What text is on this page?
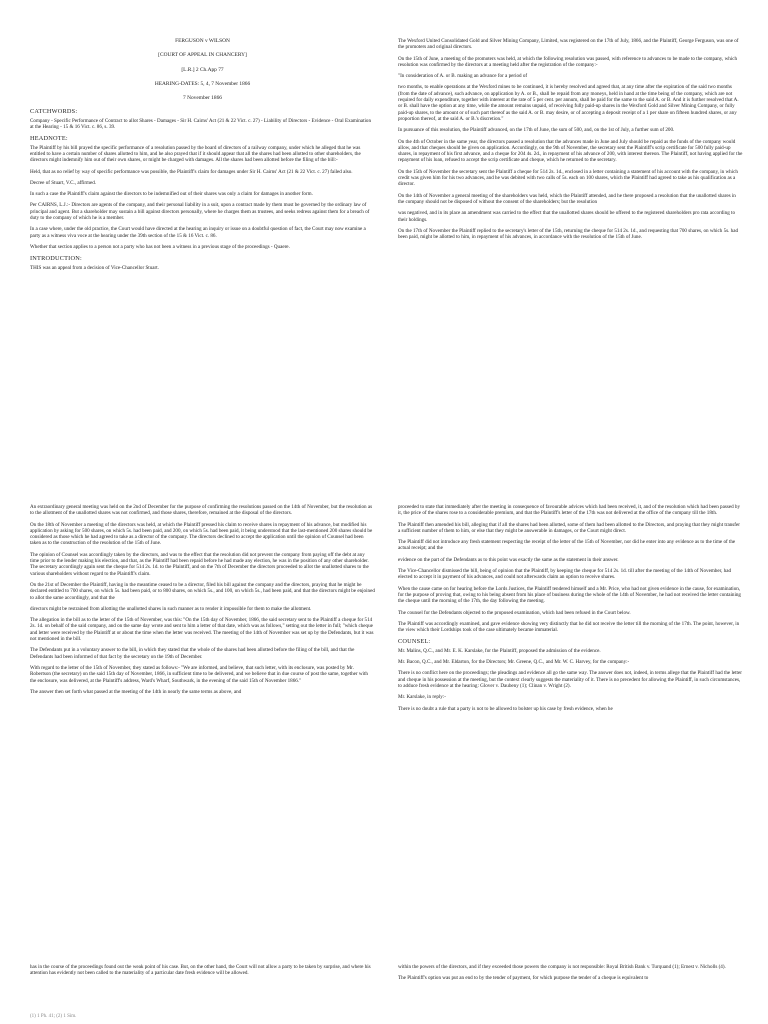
FERGUSON v WILSON
[COURT OF APPEAL IN CHANCERY]
[L.R.] 2 Ch.App 77
HEARING-DATES: 5, 4, 7 November 1866
7 November 1866
CATCHWORDS:

Company - Specific Performance of Contract to allot Shares - Damages - Sir H. Cairns' Act (21 & 22 Vict. c. 27) - Liability of Directors - Evidence - Oral Examination at the Hearing - 15 & 16 Vict. c. 86, s. 39.

HEADNOTE:

The Plaintiff by his bill prayed the specific performance of a resolution passed by the board of directors of a railway company, under which he alleged that he was entitled to have a certain number of shares allotted to him, and he also prayed that if it should appear that all the shares had been allotted to other shareholders, the directors might indemnify him out of their own shares, or might be charged with damages. All the shares had been allotted before the filing of the bill:-

Held, that as no relief by way of specific performance was possible, the Plaintiff's claim for damages under Sir H. Cairns' Act (21 & 22 Vict. c. 27) failed also.

Decree of Stuart, V.C., affirmed.

In such a case the Plaintiff's claim against the directors to be indemnified out of their shares was only a claim for damages in another form.

Per CAIRNS, L.J.:- Directors are agents of the company, and their personal liability in a suit, upon a contract made by them must be governed by the ordinary law of principal and agent. But a shareholder may sustain a bill against directors personally, where he charges them as trustees, and seeks redress against them for a breach of duty to the company of which he is a member.

In a case where, under the old practice, the Court would have directed at the hearing an inquiry or issue on a doubtful question of fact, the Court may now examine a party as a witness viva voce at the hearing under the 39th section of the 15 & 16 Vict. c. 86.

Whether that section applies to a person not a party who has not been a witness in a previous stage of the proceedings - Quaere.

INTRODUCTION:

THIS was an appeal from a decision of Vice-Chancellor Stuart.

The Wexford United Consolidated Gold and Silver Mining Company, Limited, was registered on the 17th of July, 1866, and the Plaintiff, George Ferguson, was one of the promoters and original directors.

On the 15th of June, a meeting of the promoters was held, at which the following resolution was passed, with reference to advances to be made to the company, which resolution was confirmed by the directors at a meeting held after the registration of the company:-

"In consideration of A. or B. making an advance for a period of

two months, to enable operations at the Wexford mines to be continued, it is hereby resolved and agreed that, at any time after the expiration of the said two months (from the date of advance), such advance, on application by A. or B., shall be repaid from any moneys, held in hand at the time being of the company, which are not required for daily expenditure, together with interest at the rate of 5 per cent. per annum, shall be paid for the same to the said A. or B. And it is further resolved that A. or B. shall have the option at any time, while the amount remains unpaid, of receiving fully paid-up shares in the Wexford Gold and Silver Mining Company, or fully paid-up shares, to the amount or of such part thereof as the said A. or B. may desire, or of accepting a deposit receipt of a 1 per share on fifteen hundred shares, or any proportion thereof, at the said A. or B.'s discretion."

In pursuance of this resolution, the Plaintiff advanced, on the 17th of June, the sum of 500, and, on the 1st of July, a further sum of 200.

On the 4th of October in the same year, the directors passed a resolution that the advances made in June and July should be repaid as the funds of the company would allow, and that cheques should be given on application. Accordingly, on the 9th of November, the secretary sent the Plaintiff's scrip certificate for 500 fully paid-up shares, in repayment of his first advance, and a cheque for 204 4s. 2d., in repayment of his advance of 200, with interest thereon. The Plaintiff, not having applied for the repayment of his loan, refused to accept the scrip certificate and cheque, which he returned to the secretary.

On the 15th of November the secretary sent the Plaintiff a cheque for 514 2s. 1d., enclosed in a letter containing a statement of his account with the company, in which credit was given him for his two advances, and he was debited with two calls of 5s. each on 100 shares, which the Plaintiff had agreed to take as his qualification as a director.

On the 14th of November a general meeting of the shareholders was held, which the Plaintiff attended, and he there proposed a resolution that the unallotted shares in the company should not be disposed of without the consent of the shareholders; but the resolution

was negatived, and in its place an amendment was carried to the effect that the unallotted shares should be offered to the registered shareholders pro rata according to their holdings.

On the 17th of November the Plaintiff replied to the secretary's letter of the 15th, returning the cheque for 514 2s. 1d., and requesting that 700 shares, on which 5s. had been paid, might be allotted to him, in repayment of his advances, in accordance with the resolution of the 15th of June.

An extraordinary general meeting was held on the 2nd of December for the purpose of confirming the resolutions passed on the 14th of November, but the resolution as to the allotment of the unallotted shares was not confirmed, and those shares, therefore, remained at the disposal of the directors.

On the 18th of November a meeting of the directors was held, at which the Plaintiff pressed his claim to receive shares in repayment of his advance, but modified his application by asking for 500 shares, on which 5s. had been paid, and 200, on which 5s. had been paid, it being understood that the last-mentioned 200 shares should be considered as those which he had agreed to take as a director of the company. The directors declined to accept the application until the opinion of Counsel had been taken as to the construction of the resolution of the 15th of June.

The opinion of Counsel was accordingly taken by the directors, and was to the effect that the resolution did not prevent the company from paying off the debt at any time prior to the lender making his election, and that, as the Plaintiff had been repaid before he had made any election, he was in the position of any other shareholder. The secretary accordingly again sent the cheque for 514 2s. 1d. to the Plaintiff, and on the 7th of December the directors proceeded to allot the unallotted shares to the various shareholders without regard to the Plaintiff's claim.

On the 21st of December the Plaintiff, having in the meantime ceased to be a director, filed his bill against the company and the directors, praying that he might be declared entitled to 700 shares, on which 5s. had been paid, or to 800 shares, on which 5s., and 100, on which 5s., had been paid, and that the directors might be enjoined to allot the same accordingly, and that the

directors might be restrained from allotting the unallotted shares in such manner as to render it impossible for them to make the allotment.

The allegation in the bill as to the letter of the 15th of November, was this: "On the 15th day of November, 1866, the said secretary sent to the Plaintiff a cheque for 514 2s. 1d. on behalf of the said company, and on the same day wrote and sent to him a letter of that date, which was as follows," setting out the letter in full; "which cheque and letter were received by the Plaintiff at or about the time when the letter was received. The meeting of the 14th of November was set up by the Defendants, but it was not mentioned in the bill.

The Defendants put in a voluntary answer to the bill, in which they stated that the whole of the shares had been allotted before the filing of the bill, and that the Defendants had been informed of that fact by the secretary on the 19th of December.

With regard to the letter of the 15th of November, they stated as follows:- "We are informed, and believe, that such letter, with its enclosure, was posted by Mr. Robertson (the secretary) on the said 15th day of November, 1866, in sufficient time to be delivered, and we believe that in due course of post the same, together with the enclosure, was delivered, at the Plaintiff's address, Ward's Wharf, Southwark, in the evening of the said 15th of November 1866."

The answer then set forth what passed at the meeting of the 14th in nearly the same terms as above, and

proceeded to state that immediately after the meeting in consequence of favourable advices which had been received, it, and of the resolution which had been passed by it, the price of the shares rose to a considerable premium, and that the Plaintiff's letter of the 17th was not delivered at the office of the company till the 18th.

The Plaintiff then amended his bill, alleging that if all the shares had been allotted, some of them had been allotted to the Directors, and praying that they might transfer a sufficient number of them to him, or else that they might be answerable in damages, or the Court might direct.

The Plaintiff did not introduce any fresh statement respecting the receipt of the letter of the 15th of November, nor did he enter into any evidence as to the time of the actual receipt; and the

evidence on the part of the Defendants as to this point was exactly the same as the statement in their answer.

The Vice-Chancellor dismissed the bill, being of opinion that the Plaintiff, by keeping the cheque for 514 2s. 1d. till after the meeting of the 14th of November, had elected to accept it in payment of his advances, and could not afterwards claim an option to receive shares.

When the cause came on for hearing before the Lords Justices, the Plaintiff tendered himself and a Mr. Price, who had not given evidence in the cause, for examination, for the purpose of proving that, owing to his being absent from his place of business during the whole of the 14th of November, he had not received the letter containing the cheque until the morning of the 17th, the day following the meeting.

The counsel for the Defendants objected to the proposed examination, which had been refused in the Court below.

The Plaintiff was accordingly examined, and gave evidence showing very distinctly that he did not receive the letter till the morning of the 17th. The point, however, in the view which their Lordships took of the case ultimately became immaterial.

COUNSEL:

Mr. Malins, Q.C., and Mr. E. K. Karslake, for the Plaintiff, proposed the admission of the evidence.

Mr. Bacon, Q.C., and Mr. Eldarton, for the Directors; Mr. Greene, Q.C., and Mr. W. C. Harvey, for the company:-

There is no conflict here on the proceedings; the pleadings and evidence all go the same way. The answer does not, indeed, in terms allege that the Plaintiff had the letter and cheque in his possession at the meeting, but the context clearly suggests the materiality of it. There is no precedent for allowing the Plaintiff, in such circumstances, to adduce fresh evidence at the hearing: Glover v. Daubeny (1); Clinan v. Wright (2).

Mr. Karslake, in reply:-

There is no doubt a rule that a party is not to be allowed to bolster up his case by fresh evidence, when he

has in the course of the proceedings found out the weak point of his case. But, on the other hand, the Court will not allow a party to be taken by surprise, and where his attention has evidently not been called to the materiality of a particular date fresh evidence will be allowed.

within the powers of the directors, and if they exceeded those powers the company is not responsible: Royal British Bank v. Turquand (1); Ernest v. Nicholls (4).

The Plaintiff's option was put an end to by the tender of payment, for which purpose the tender of a cheque is equivalent to

(1) 1 Ph. 41; (2) 1 Sim.
